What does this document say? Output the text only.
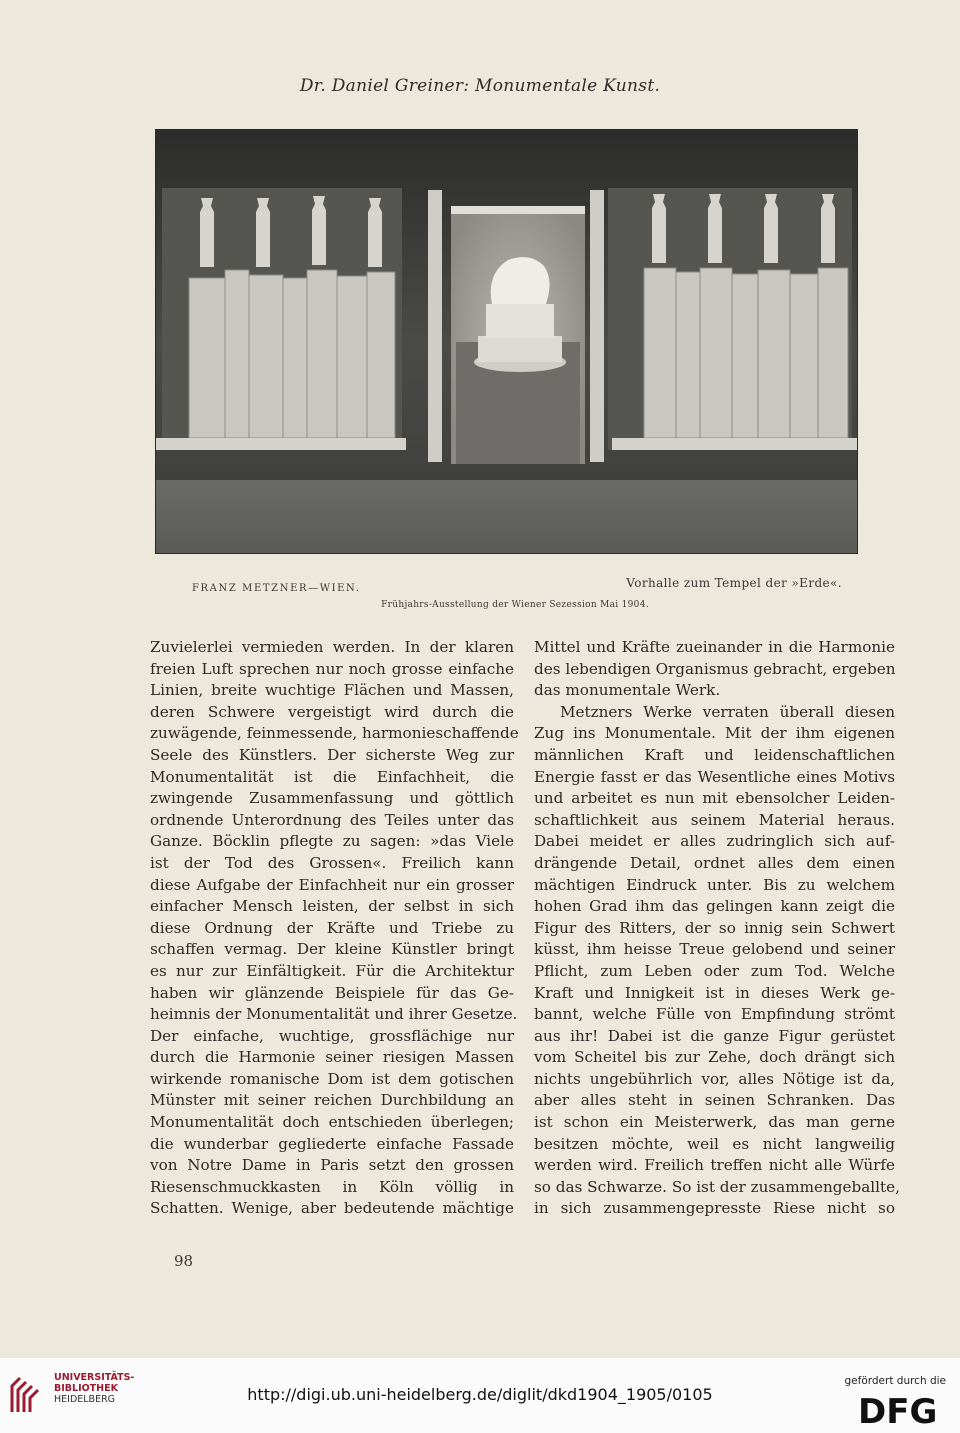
Dr. Daniel Greiner: Monumentale Kunst.
FRANZ METZNER—WIEN.	Vorhalle zum Tempel der »Erde«.
Frühjahrs-Ausstellung der Wiener Sezession Mai 1904.

Zuvielerlei vermieden werden. In der klaren

freien Luft sprechen nur noch grosse einfache

Linien, breite wuchtige Flächen und Massen,

deren Schwere vergeistigt wird durch die

zuwägende, feinmessende, harmonieschaffende

Seele des Künstlers. Der sicherste Weg zur

Monumentalität ist die Einfachheit, die

zwingende Zusammenfassung und göttlich

ordnende Unterordnung des Teiles unter das

Ganze. Böcklin pflegte zu sagen: »das Viele

ist der Tod des Grossen«. Freilich kann

diese Aufgabe der Einfachheit nur ein grosser

einfacher Mensch leisten, der selbst in sich

diese Ordnung der Kräfte und Triebe zu

schaffen vermag. Der kleine Künstler bringt

es nur zur Einfältigkeit. Für die Architektur

haben wir glänzende Beispiele für das Ge-

heimnis der Monumentalität und ihrer Gesetze.

Der einfache, wuchtige, grossflächige nur

durch die Harmonie seiner riesigen Massen

wirkende romanische Dom ist dem gotischen

Münster mit seiner reichen Durchbildung an

Monumentalität doch entschieden überlegen;

die wunderbar gegliederte einfache Fassade

von Notre Dame in Paris setzt den grossen

Riesenschmuckkasten in Köln völlig in

Schatten. Wenige, aber bedeutende mächtige

Mittel und Kräfte zueinander in die Harmonie

des lebendigen Organismus gebracht, ergeben

das monumentale Werk.

Metzners Werke verraten überall diesen

Zug ins Monumentale. Mit der ihm eigenen

männlichen Kraft und leidenschaftlichen

Energie fasst er das Wesentliche eines Motivs

und arbeitet es nun mit ebensolcher Leiden-

schaftlichkeit aus seinem Material heraus.

Dabei meidet er alles zudringlich sich auf-

drängende Detail, ordnet alles dem einen

mächtigen Eindruck unter. Bis zu welchem

hohen Grad ihm das gelingen kann zeigt die

Figur des Ritters, der so innig sein Schwert

küsst, ihm heisse Treue gelobend und seiner

Pflicht, zum Leben oder zum Tod. Welche

Kraft und Innigkeit ist in dieses Werk ge-

bannt, welche Fülle von Empfindung strömt

aus ihr! Dabei ist die ganze Figur gerüstet

vom Scheitel bis zur Zehe, doch drängt sich

nichts ungebührlich vor, alles Nötige ist da,

aber alles steht in seinen Schranken. Das

ist schon ein Meisterwerk, das man gerne

besitzen möchte, weil es nicht langweilig

werden wird. Freilich treffen nicht alle Würfe

so das Schwarze. So ist der zusammengeballte,

in sich zusammengepresste Riese nicht so

98
UNIVERSITÄTS-
BIBLIOTHEK
HEIDELBERG	http://digi.ub.uni-heidelberg.de/diglit/dkd1904_1905/0105
gefördert durch die
DFG
